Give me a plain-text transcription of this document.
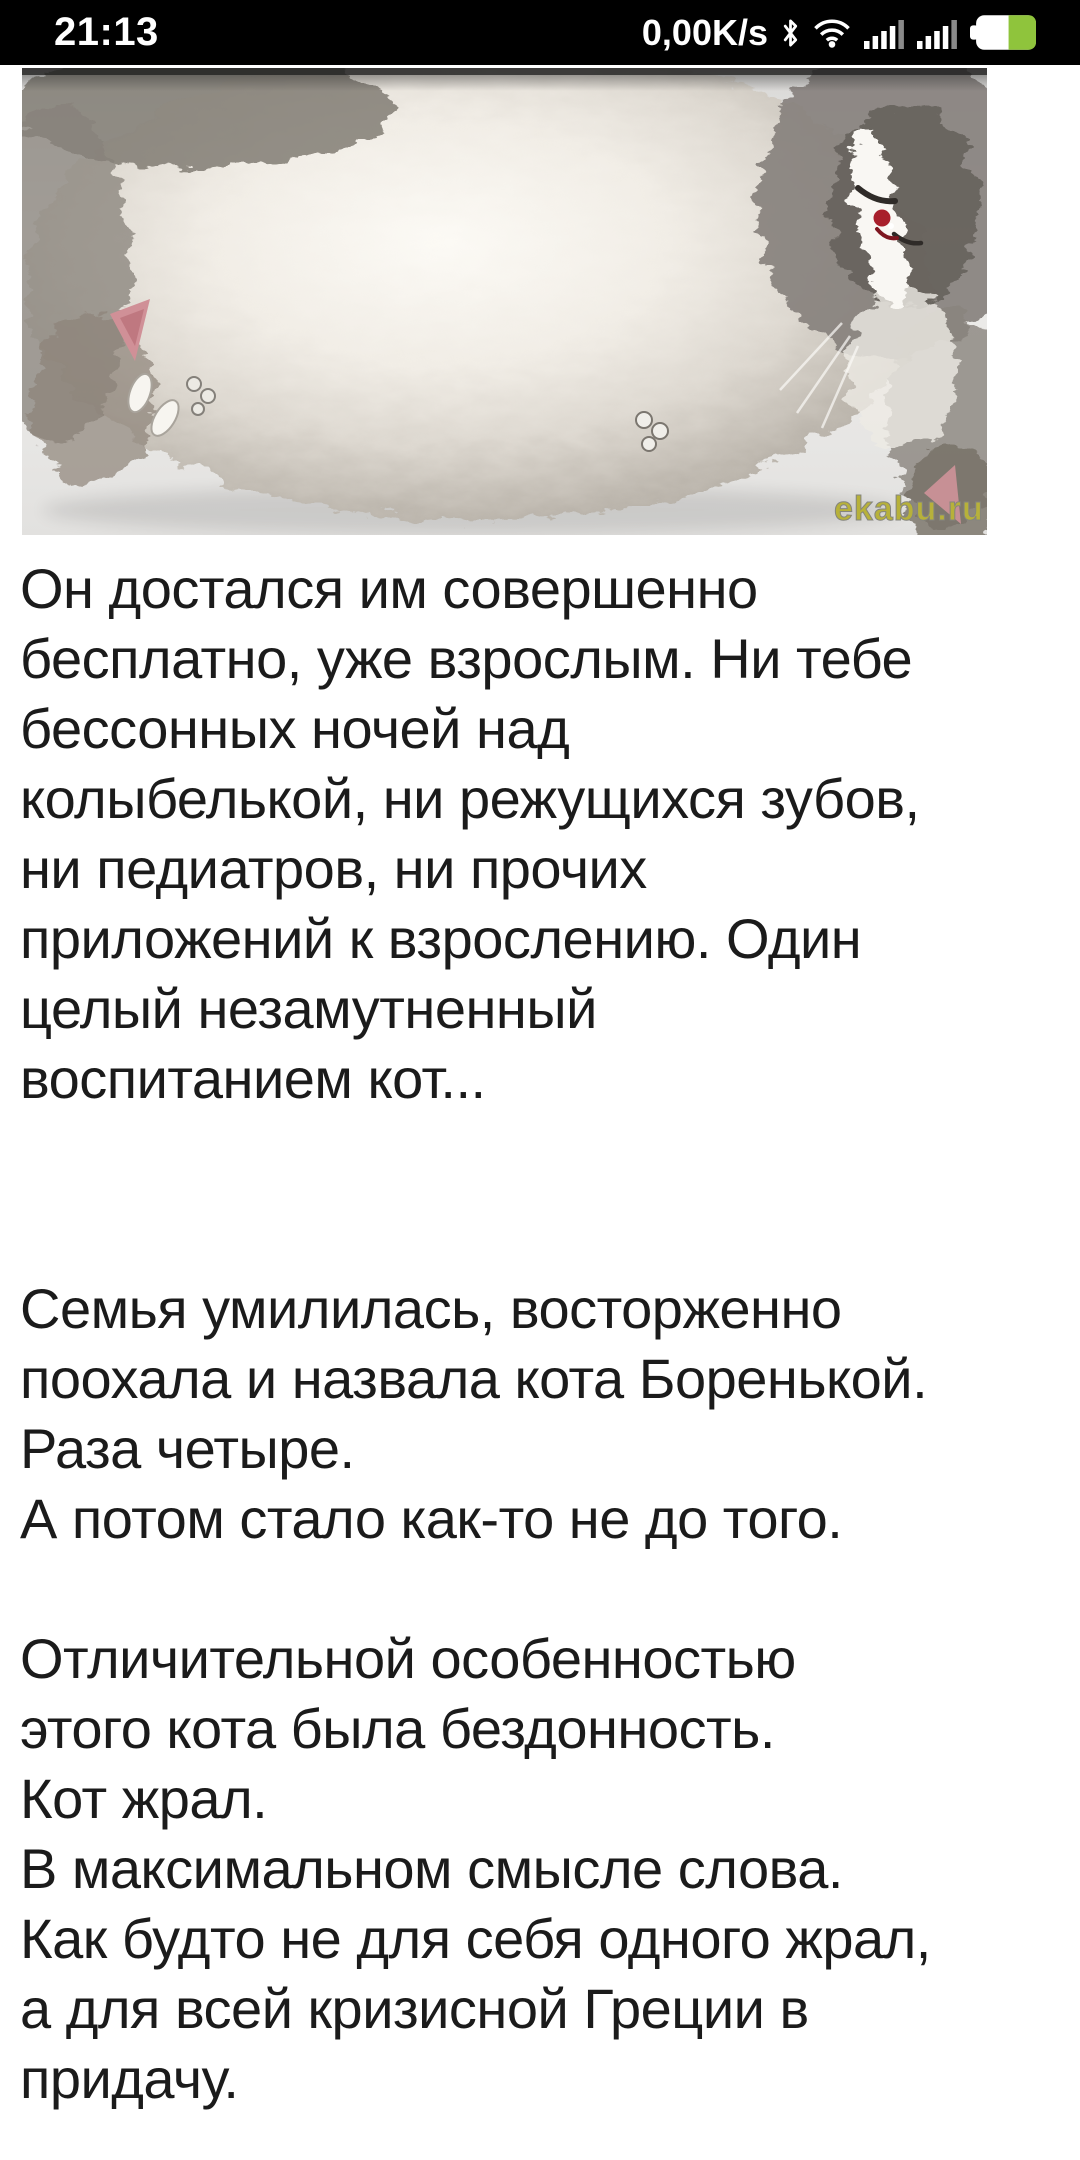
21:13	0,00K/s
ekabu.ru
Он достался им совершенно
бесплатно, уже взрослым. Ни тебе
бессонных ночей над
колыбелькой, ни режущихся зубов,
ни педиатров, ни прочих
приложений к взрослению. Один
целый незамутненный
воспитанием кот...
Семья умилилась, восторженно
поохала и назвала кота Боренькой.
Раза четыре.
А потом стало как-то не до того.
Отличительной особенностью
этого кота была бездонность.
Кот жрал.
В максимальном смысле слова.
Как будто не для себя одного жрал,
а для всей кризисной Греции в
придачу.
